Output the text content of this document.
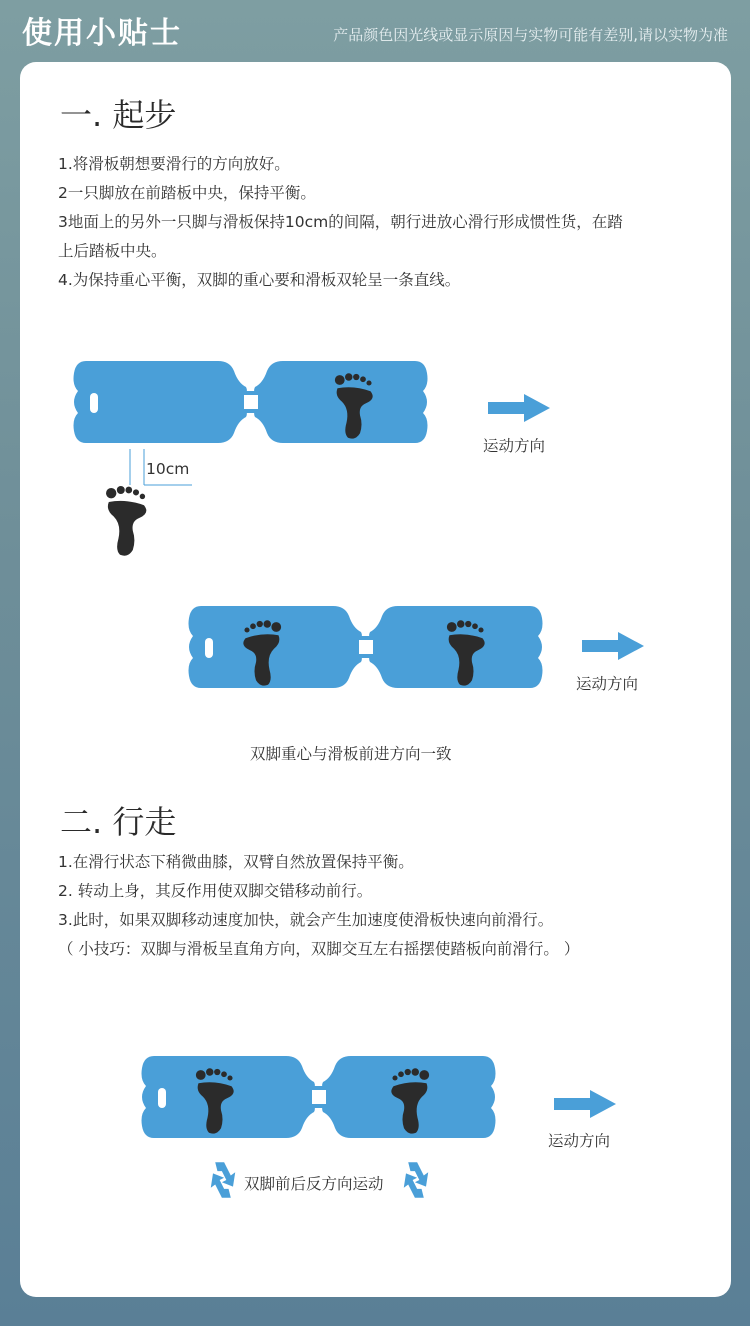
使用小贴士	产品颜色因光线或显示原因与实物可能有差别,请以实物为准
一. 起步
1.将滑板朝想要滑行的方向放好。
2一只脚放在前踏板中央，保持平衡。
3地面上的另外一只脚与滑板保持10cm的间隔，朝行进放心滑行形成惯性货，在踏
上后踏板中央。
4.为保持重心平衡，双脚的重心要和滑板双轮呈一条直线。
10cm
运动方向
运动方向
双脚重心与滑板前进方向一致
二. 行走
1.在滑行状态下稍微曲膝，双臂自然放置保持平衡。
2. 转动上身，其反作用使双脚交错移动前行。
3.此时，如果双脚移动速度加快，就会产生加速度使滑板快速向前滑行。
（ 小技巧：双脚与滑板呈直角方向，双脚交互左右摇摆使踏板向前滑行。 ）
运动方向
双脚前后反方向运动
